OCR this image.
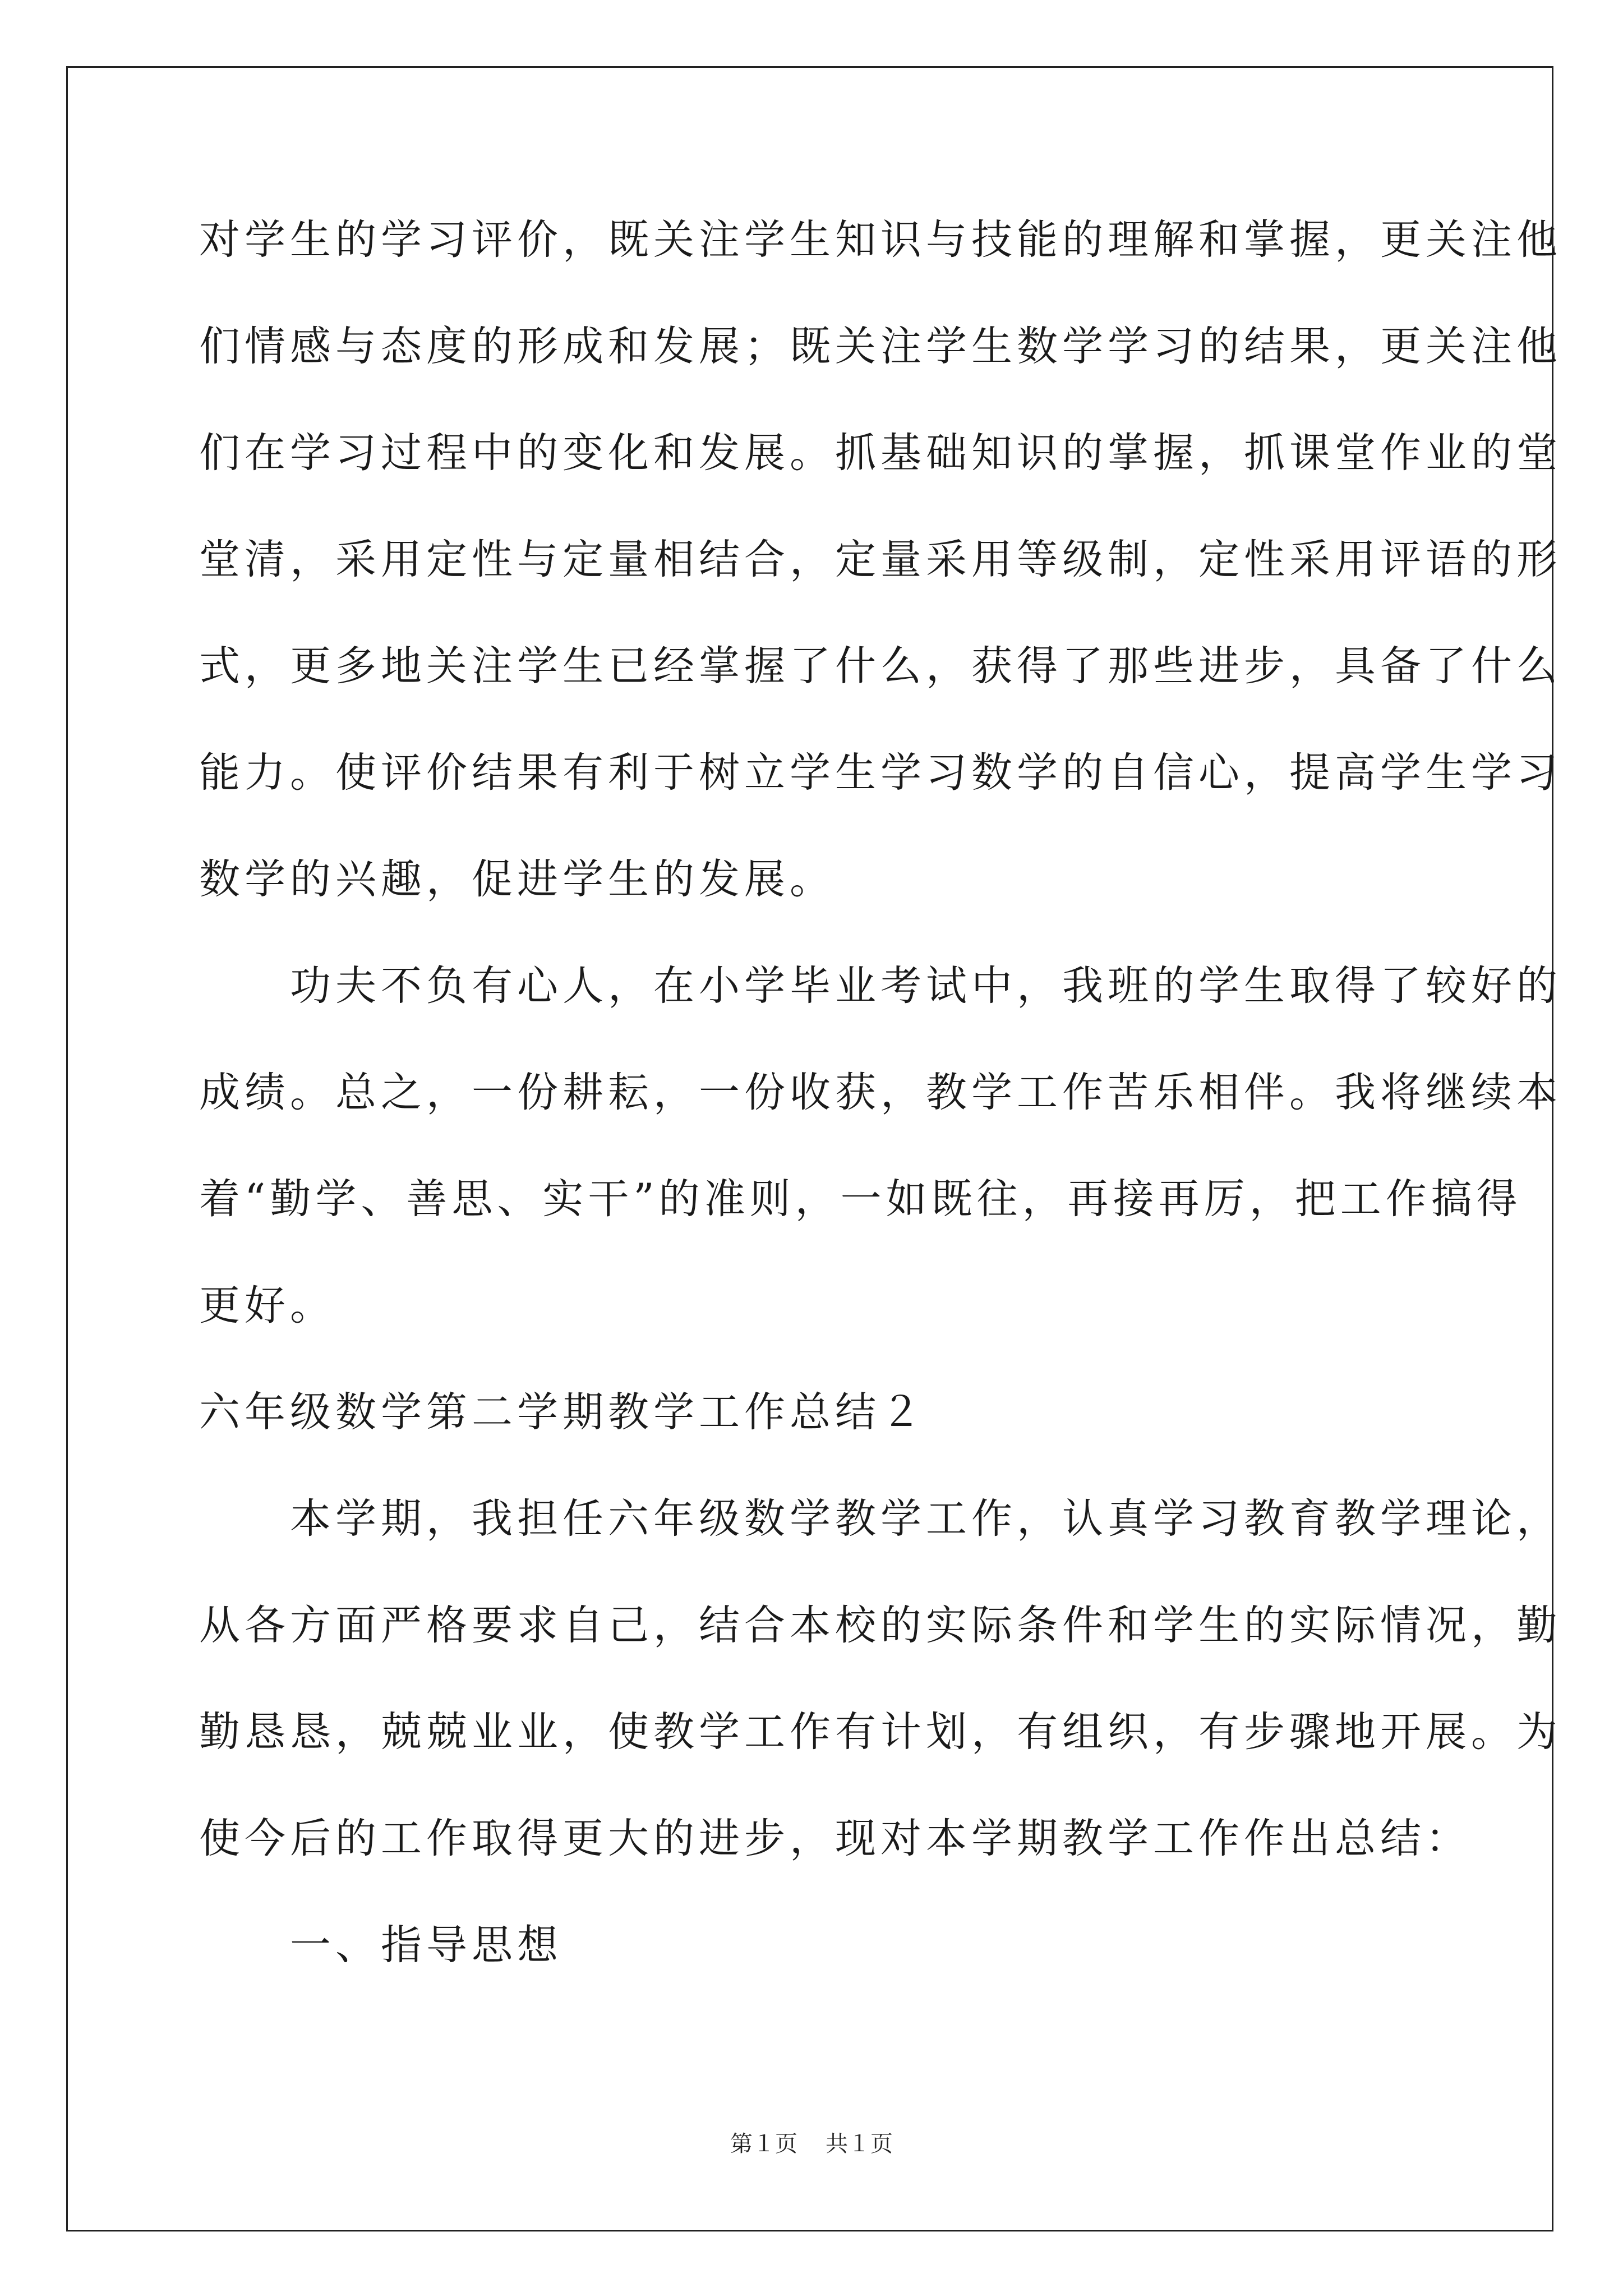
对学生的学习评价，既关注学生知识与技能的理解和掌握，更关注他
们情感与态度的形成和发展；既关注学生数学学习的结果，更关注他
们在学习过程中的变化和发展。抓基础知识的掌握，抓课堂作业的堂
堂清，采用定性与定量相结合，定量采用等级制，定性采用评语的形
式，更多地关注学生已经掌握了什么，获得了那些进步，具备了什么
能力。使评价结果有利于树立学生学习数学的自信心，提高学生学习
数学的兴趣，促进学生的发展。
　　功夫不负有心人，在小学毕业考试中，我班的学生取得了较好的
成绩。总之，一份耕耘，一份收获，教学工作苦乐相伴。我将继续本
着“勤学、善思、实干”的准则，一如既往，再接再厉，把工作搞得
更好。
六年级数学第二学期教学工作总结２
　　本学期，我担任六年级数学教学工作，认真学习教育教学理论，
从各方面严格要求自己，结合本校的实际条件和学生的实际情况，勤
勤恳恳，兢兢业业，使教学工作有计划，有组织，有步骤地开展。为
使今后的工作取得更大的进步，现对本学期教学工作作出总结：
　　一、指导思想
第１页 共１页
